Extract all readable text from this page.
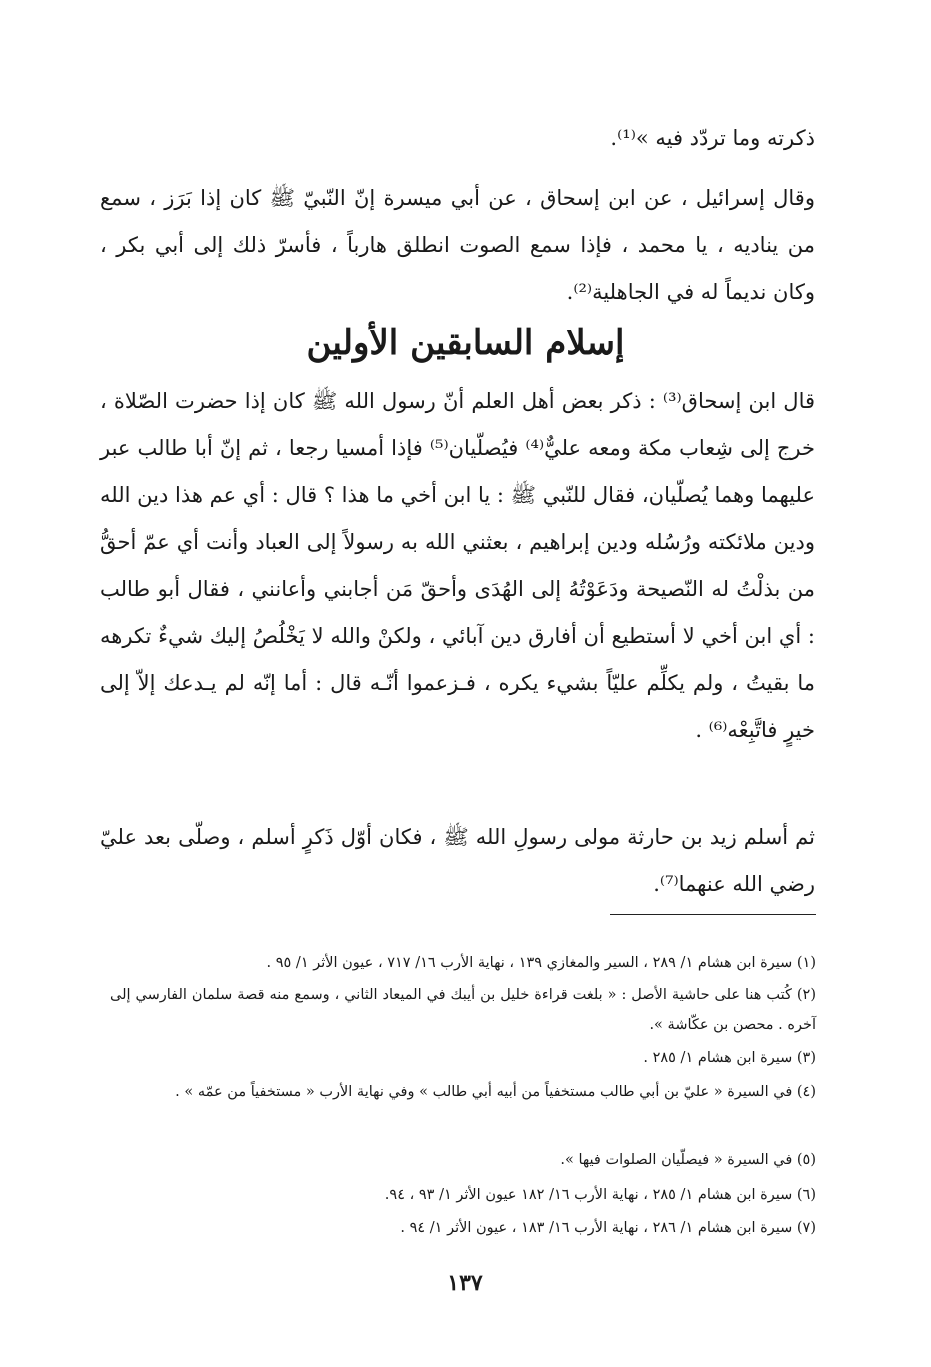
ذكرته وما تردّد فيه »⁽¹⁾.
وقال إسرائيل ، عن ابن إسحاق ، عن أبي ميسرة إنّ النّبيّ ﷺ كان إذا بَرَز ، سمع من يناديه ، يا محمد ، فإذا سمع الصوت انطلق هارباً ، فأسرّ ذلك إلى أبي بكر ، وكان نديماً له في الجاهلية⁽²⁾.
إسلام السابقين الأولين
قال ابن إسحاق⁽³⁾ : ذكر بعض أهل العلم أنّ رسول الله ﷺ كان إذا حضرت الصّلاة ، خرج إلى شِعاب مكة ومعه عليٌّ⁽⁴⁾ فيُصلّيان⁽⁵⁾ فإذا أمسيا رجعا ، ثم إنّ أبا طالب عبر عليهما وهما يُصلّيان، فقال للنّبي ﷺ : يا ابن أخي ما هذا ؟ قال : أي عم هذا دين الله ودين ملائكته ورُسُله ودين إبراهيم ، بعثني الله به رسولاً إلى العباد وأنت أي عمّ أحقُّ من بذلْتُ له النّصيحة ودَعَوْتُهُ إلى الهُدَى وأحقّ مَن أجابني وأعانني ، فقال أبو طالب : أي ابن أخي لا أستطيع أن أفارق دين آبائي ، ولكنْ والله لا يَخْلُصُ إليك شيءٌ تكرهه ما بقيتُ ، ولم يكلِّم عليّاً بشيء يكره ، فـزعموا أنّـه قال : أما إنّه لم يـدعك إلاّ إلى خيرٍ فاتَّبِعْه⁽⁶⁾ .
ثم أسلم زيد بن حارثة مولى رسولِ الله ﷺ ، فكان أوّل ذَكرٍ أسلم ، وصلّى بعد عليّ رضي الله عنهما⁽⁷⁾.
(١) سيرة ابن هشام ١/ ٢٨٩ ، السير والمغازي ١٣٩ ، نهاية الأرب ١٦/ ٧١٧ ، عيون الأثر ١/ ٩٥ .
(٢) كُتب هنا على حاشية الأصل : « بلغت قراءة خليل بن أيبك في الميعاد الثاني ، وسمع منه قصة سلمان الفارسي إلى آخره . محصن بن عكّاشة ».
(٣) سيرة ابن هشام ١/ ٢٨٥ .
(٤) في السيرة « عليّ بن أبي طالب مستخفياً من أبيه أبي طالب » وفي نهاية الأرب « مستخفياً من عمّه » .
(٥) في السيرة « فيصلّيان الصلوات فيها ».
(٦) سيرة ابن هشام ١/ ٢٨٥ ، نهاية الأرب ١٦/ ١٨٢ عيون الأثر ١/ ٩٣ ، ٩٤.
(٧) سيرة ابن هشام ١/ ٢٨٦ ، نهاية الأرب ١٦/ ١٨٣ ، عيون الأثر ١/ ٩٤ .
١٣٧
